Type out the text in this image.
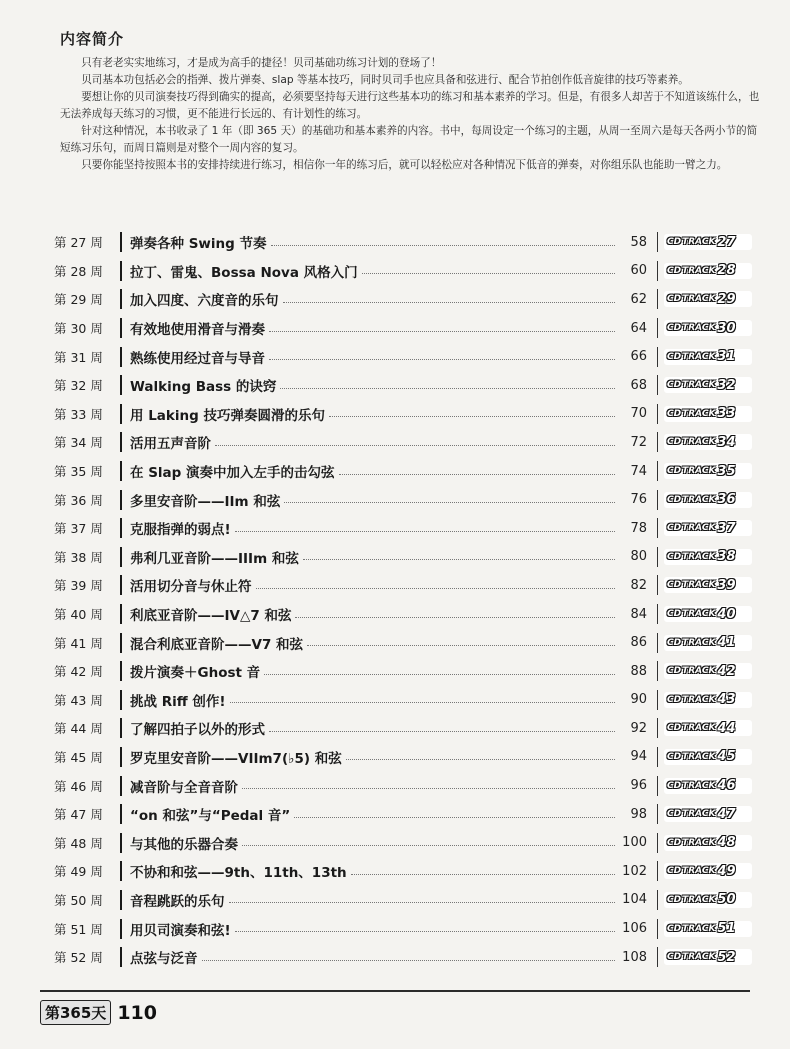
内容简介

只有老老实实地练习，才是成为高手的捷径！贝司基础功练习计划的登场了！

贝司基本功包括必会的指弹、拨片弹奏、slap 等基本技巧，同时贝司手也应具备和弦进行、配合节拍创作低音旋律的技巧等素养。

要想让你的贝司演奏技巧得到确实的提高，必须要坚持每天进行这些基本功的练习和基本素养的学习。但是，有很多人却苦于不知道该练什么，也无法养成每天练习的习惯，更不能进行长远的、有计划性的练习。

针对这种情况，本书收录了 1 年（即 365 天）的基础功和基本素养的内容。书中，每周设定一个练习的主题，从周一至周六是每天各两小节的简短练习乐句，而周日篇则是对整个一周内容的复习。

只要你能坚持按照本书的安排持续进行练习，相信你一年的练习后，就可以轻松应对各种情况下低音的弹奏，对你组乐队也能助一臂之力。

第 27 周	弹奏各种 Swing 节奏	58 CD TRACK 27
第 28 周	拉丁、雷鬼、Bossa Nova 风格入门	60 CD TRACK 28
第 29 周	加入四度、六度音的乐句	62 CD TRACK 29
第 30 周	有效地使用滑音与滑奏	64 CD TRACK 30
第 31 周	熟练使用经过音与导音	66 CD TRACK 31
第 32 周	Walking Bass 的诀窍	68 CD TRACK 32
第 33 周	用 Laking 技巧弹奏圆滑的乐句	70 CD TRACK 33
第 34 周	活用五声音阶	72 CD TRACK 34
第 35 周	在 Slap 演奏中加入左手的击勾弦	74 CD TRACK 35
第 36 周	多里安音阶——IIm 和弦	76 CD TRACK 36
第 37 周	克服指弹的弱点!	78 CD TRACK 37
第 38 周	弗利几亚音阶——IIIm 和弦	80 CD TRACK 38
第 39 周	活用切分音与休止符	82 CD TRACK 39
第 40 周	利底亚音阶——IV△7 和弦	84 CD TRACK 40
第 41 周	混合利底亚音阶——V7 和弦	86 CD TRACK 41
第 42 周	拨片演奏＋Ghost 音	88 CD TRACK 42
第 43 周	挑战 Riff 创作!	90 CD TRACK 43
第 44 周	了解四拍子以外的形式	92 CD TRACK 44
第 45 周	罗克里安音阶——VIIm7(♭5) 和弦	94 CD TRACK 45
第 46 周	减音阶与全音音阶	96 CD TRACK 46
第 47 周	“on 和弦”与“Pedal 音”	98 CD TRACK 47
第 48 周	与其他的乐器合奏	100 CD TRACK 48
第 49 周	不协和和弦——9th、11th、13th	102 CD TRACK 49
第 50 周	音程跳跃的乐句	104 CD TRACK 50
第 51 周	用贝司演奏和弦!	106 CD TRACK 51
第 52 周	点弦与泛音	108 CD TRACK 52
第365天 110
